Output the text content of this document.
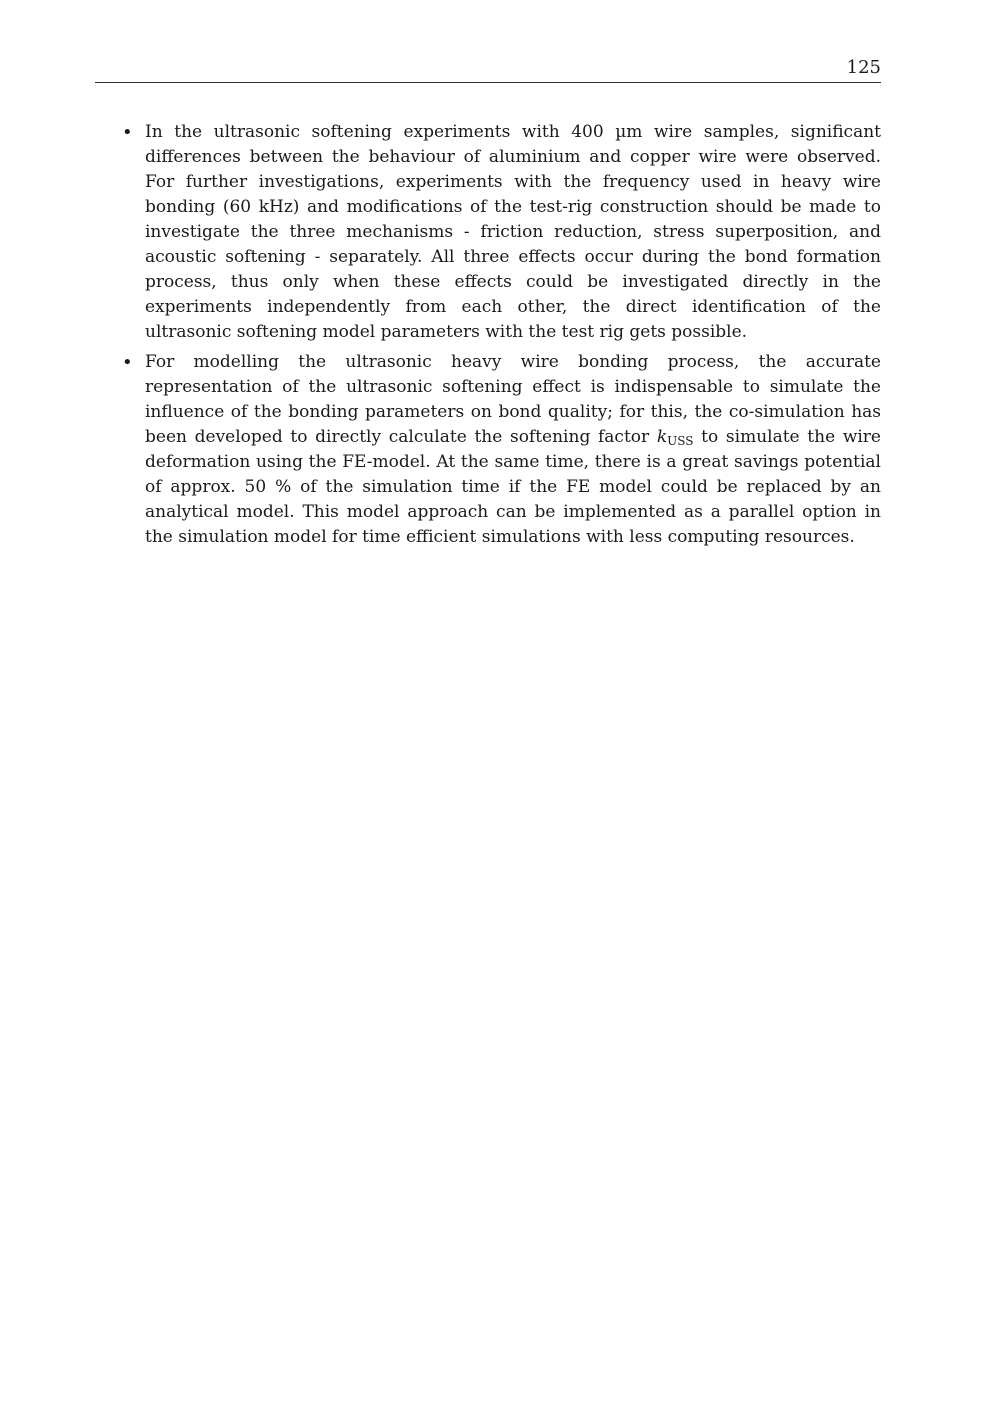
125
• In the ultrasonic softening experiments with 400 µm wire samples, significant differences between the behaviour of aluminium and copper wire were observed. For further investigations, experiments with the frequency used in heavy wire bonding (60 kHz) and modifications of the test-rig construction should be made to investigate the three mechanisms - friction reduction, stress superposition, and acoustic softening - separately. All three effects occur during the bond formation process, thus only when these effects could be investigated directly in the experiments independently from each other, the direct identification of the ultrasonic softening model parameters with the test rig gets possible.

• For modelling the ultrasonic heavy wire bonding process, the accurate representation of the ultrasonic softening effect is indispensable to simulate the influence of the bonding parameters on bond quality; for this, the co-simulation has been developed to directly calculate the softening factor $k_{USS}$ to simulate the wire deformation using the FE-model. At the same time, there is a great savings potential of approx. 50 % of the simulation time if the FE model could be replaced by an analytical model. This model approach can be implemented as a parallel option in the simulation model for time efficient simulations with less computing resources.
